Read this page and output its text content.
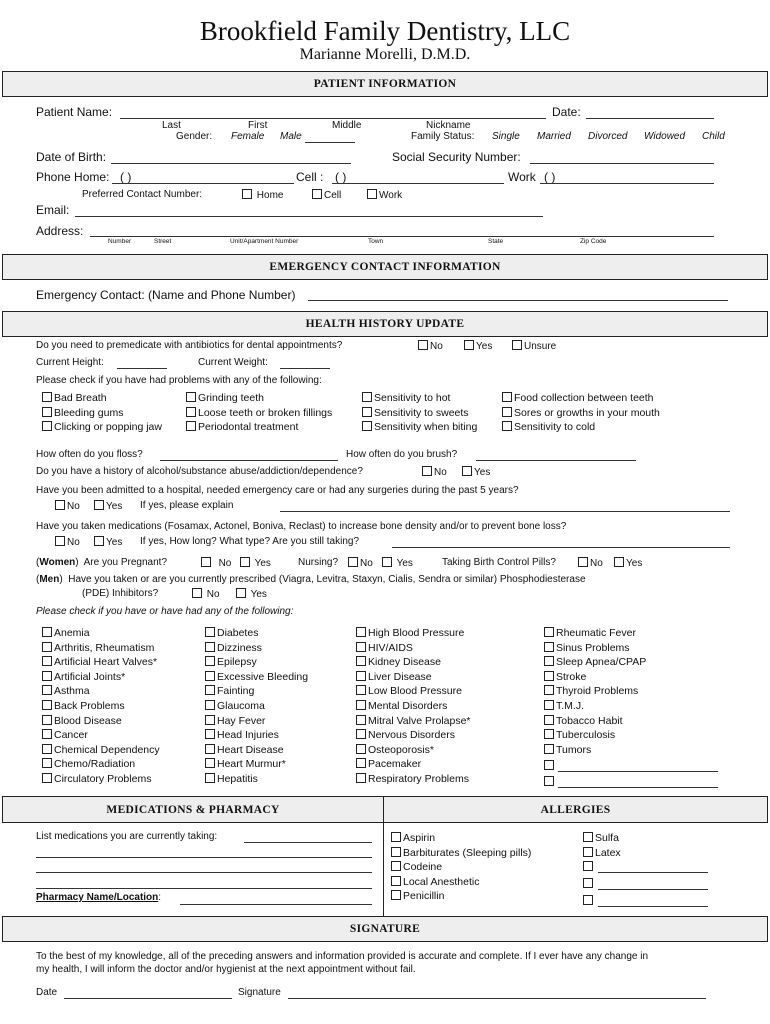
Brookfield Family Dentistry, LLC
Marianne Morelli, D.M.D.
PATIENT INFORMATION
Patient Name:	Date:
Last	First	Middle	Nickname
Gender: Female Male	Family Status: Single Married Divorced Widowed Child
Date of Birth:	Social Security Number:
Phone Home: ( )	Cell : ( )	Work ( )
Preferred Contact Number:	Home	Cell	Work
Email:
Address:
Number	Street	Unit/Apartment Number	Town	State	Zip Code
EMERGENCY CONTACT INFORMATION
Emergency Contact: (Name and Phone Number)
HEALTH HISTORY UPDATE
Do you need to premedicate with antibiotics for dental appointments?	No	Yes	Unsure
Current Height:	Current Weight:
Please check if you have had problems with any of the following:
Bad Breath
Bleeding gums
Clicking or popping jaw
Grinding teeth
Loose teeth or broken fillings
Periodontal treatment
Sensitivity to hot
Sensitivity to sweets
Sensitivity when biting
Food collection between teeth
Sores or growths in your mouth
Sensitivity to cold
How often do you floss?	How often do you brush?
Do you have a history of alcohol/substance abuse/addiction/dependence?	No	Yes
Have you been admitted to a hospital, needed emergency care or had any surgeries during the past 5 years?
No	Yes If yes, please explain
Have you taken medications (Fosamax, Actonel, Boniva, Reclast) to increase bone density and/or to prevent bone loss?
No	Yes If yes, How long? What type? Are you still taking?
(Women)  Are you Pregnant?	No	Yes	Nursing?	No	Yes	Taking Birth Control Pills?	No	Yes
(Men)  Have you taken or are you currently prescribed (Viagra, Levitra, Staxyn, Cialis, Sendra or similar) Phosphodiesterase
(PDE) Inhibitors?	No	Yes
Please check if you have or have had any of the following:
Anemia
Arthritis, Rheumatism
Artificial Heart Valves*
Artificial Joints*
Asthma
Back Problems
Blood Disease
Cancer
Chemical Dependency
Chemo/Radiation
Circulatory Problems
Diabetes
Dizziness
Epilepsy
Excessive Bleeding
Fainting
Glaucoma
Hay Fever
Head Injuries
Heart Disease
Heart Murmur*
Hepatitis
High Blood Pressure
HIV/AIDS
Kidney Disease
Liver Disease
Low Blood Pressure
Mental Disorders
Mitral Valve Prolapse*
Nervous Disorders
Osteoporosis*
Pacemaker
Respiratory Problems
Rheumatic Fever
Sinus Problems
Sleep Apnea/CPAP
Stroke
Thyroid Problems
T.M.J.
Tobacco Habit
Tuberculosis
Tumors
MEDICATIONS & PHARMACY	ALLERGIES
List medications you are currently taking:
Pharmacy Name/Location:
Aspirin
Barbiturates (Sleeping pills)
Codeine
Local Anesthetic
Penicillin
Sulfa
Latex
SIGNATURE
To the best of my knowledge, all of the preceding answers and information provided is accurate and complete. If I ever have any change in
my health, I will inform the doctor and/or hygienist at the next appointment without fail.
Date	Signature
